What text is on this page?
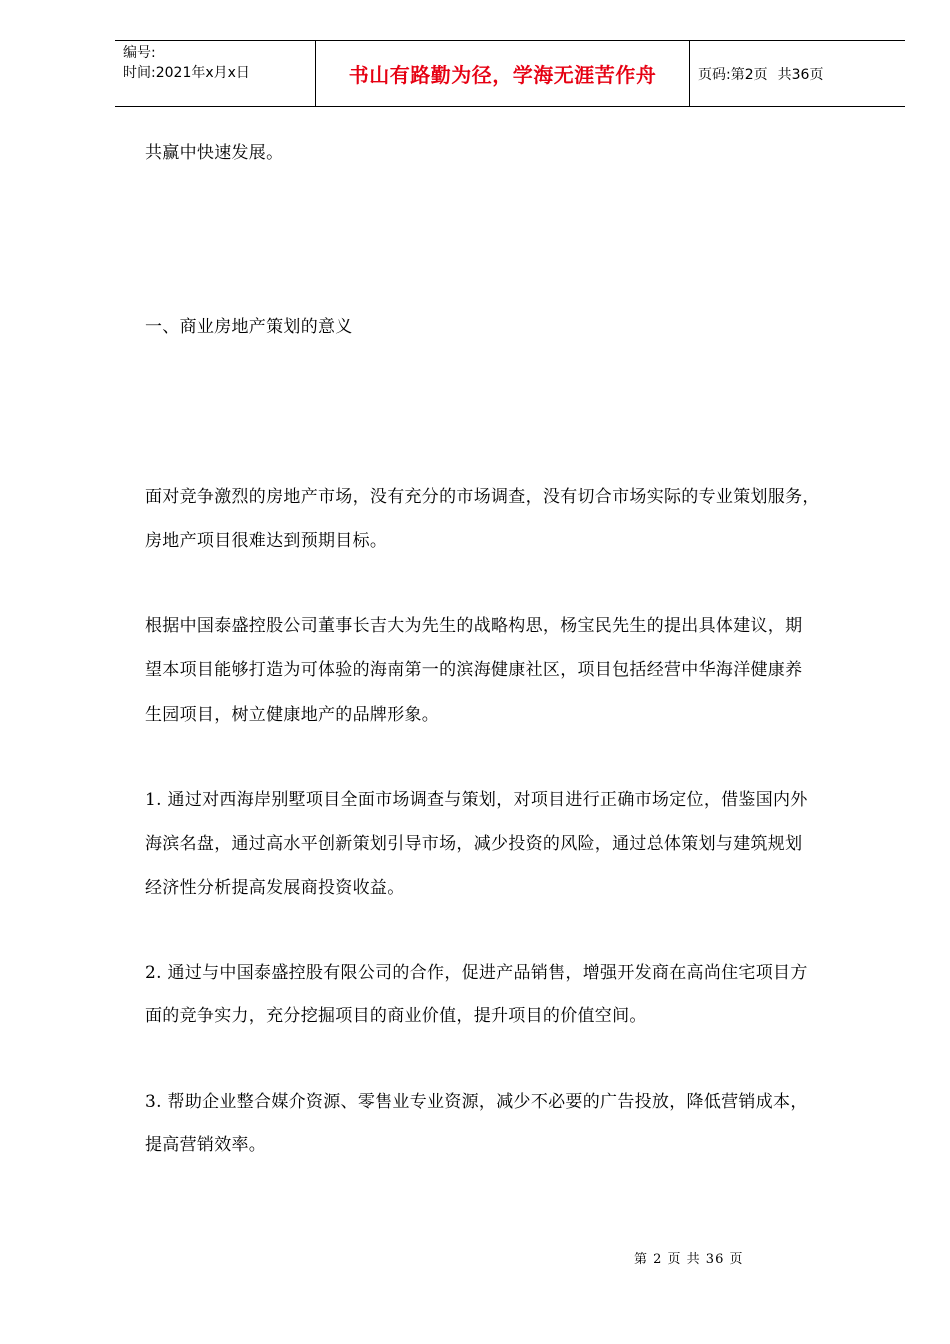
编号:
时间:2021年x月x日	书山有路勤为径，学海无涯苦作舟	页码:第2页 共36页
共赢中快速发展。
一、商业房地产策划的意义
面对竞争激烈的房地产市场，没有充分的市场调查，没有切合市场实际的专业策划服务，
房地产项目很难达到预期目标。
根据中国泰盛控股公司董事长吉大为先生的战略构思，杨宝民先生的提出具体建议，期
望本项目能够打造为可体验的海南第一的滨海健康社区，项目包括经营中华海洋健康养
生园项目，树立健康地产的品牌形象。
1. 通过对西海岸别墅项目全面市场调查与策划，对项目进行正确市场定位，借鉴国内外
海滨名盘，通过高水平创新策划引导市场，减少投资的风险，通过总体策划与建筑规划
经济性分析提高发展商投资收益。
2. 通过与中国泰盛控股有限公司的合作，促进产品销售，增强开发商在高尚住宅项目方
面的竞争实力，充分挖掘项目的商业价值，提升项目的价值空间。
3. 帮助企业整合媒介资源、零售业专业资源，减少不必要的广告投放，降低营销成本，
提高营销效率。
第 2 页 共 36 页
